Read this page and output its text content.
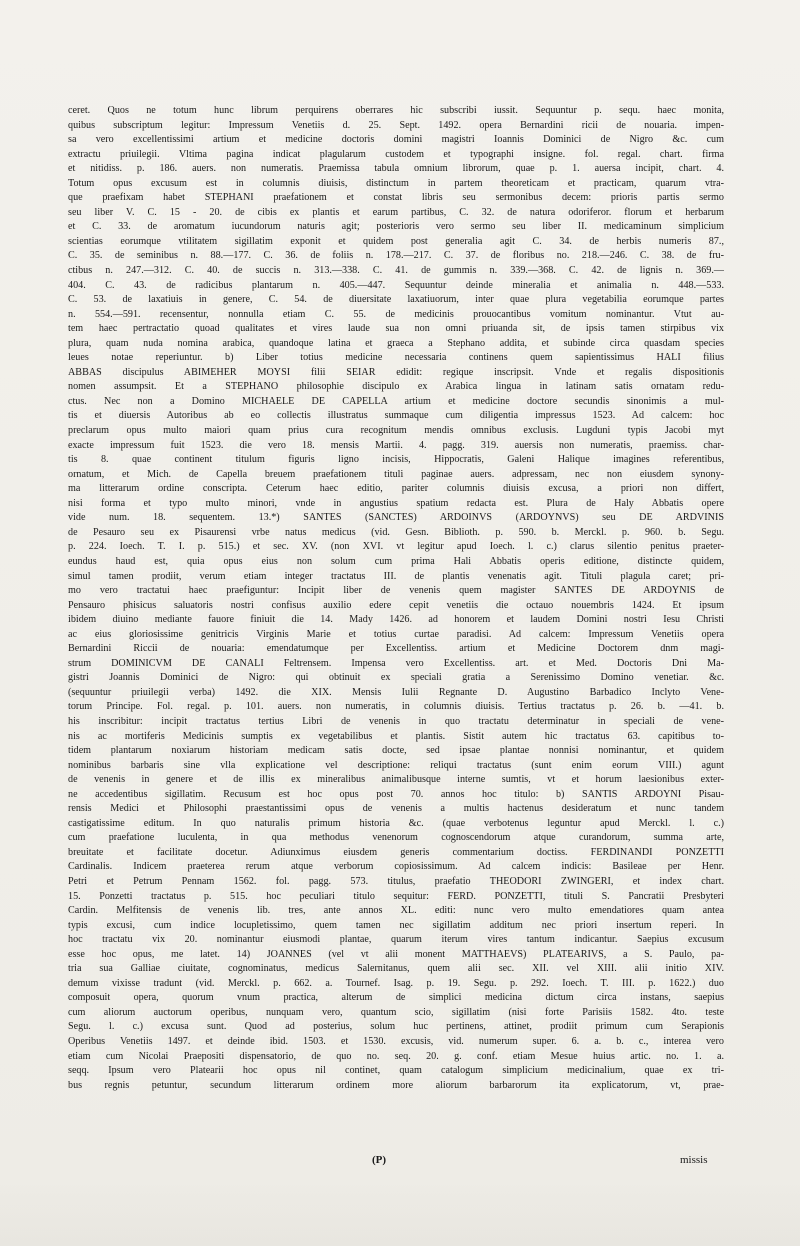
ceret. Quos ne totum hunc librum perquirens oberrares hic subscribi iussit. Sequuntur p. sequ. haec monita,
quibus subscriptum legitur: Impressum Venetiis d. 25. Sept. 1492. opera Bernardini ricii de nouaria. impen-
sa vero excellentissimi artium et medicine doctoris domini magistri Ioannis Dominici de Nigro &c. cum
extractu priuilegii. Vltima pagina indicat plagularum custodem et typographi insigne. fol. regal. chart. firma
et nitidiss. p. 186. auers. non numeratis. Praemissa tabula omnium librorum, quae p. 1. auersa incipit, chart. 4.
Totum opus excusum est in columnis diuisis, distinctum in partem theoreticam et practicam, quarum vtra-
que praefixam habet STEPHANI praefationem et constat libris seu sermonibus decem: prioris partis sermo
seu liber V. C. 15 - 20. de cibis ex plantis et earum partibus, C. 32. de natura odoriferor. florum et herbarum
et C. 33. de aromatum iucundorum naturis agit; posterioris vero sermo seu liber II. medicaminum simplicium
scientias eorumque vtilitatem sigillatim exponit et quidem post generalia agit C. 34. de herbis numeris 87.,
C. 35. de seminibus n. 88.—177. C. 36. de foliis n. 178.—217. C. 37. de floribus no. 218.—246. C. 38. de fru-
ctibus n. 247.—312. C. 40. de succis n. 313.—338. C. 41. de gummis n. 339.—368. C. 42. de lignis n. 369.—
404. C. 43. de radicibus plantarum n. 405.—447. Sequuntur deinde mineralia et animalia n. 448.—533.
C. 53. de laxatiuis in genere, C. 54. de diuersitate laxatiuorum, inter quae plura vegetabilia eorumque partes
n. 554.—591. recensentur, nonnulla etiam C. 55. de medicinis prouocantibus vomitum nominantur. Vtut au-
tem haec pertractatio quoad qualitates et vires laude sua non omni priuanda sit, de ipsis tamen stirpibus vix
plura, quam nuda nomina arabica, quandoque latina et graeca a Stephano addita, et subinde circa quasdam species
leues notae reperiuntur. b) Liber totius medicine necessaria continens quem sapientissimus HALI filius
ABBAS discipulus ABIMEHER MOYSI filii SEIAR edidit: regique inscripsit. Vnde et regalis dispositionis
nomen assumpsit. Et a STEPHANO philosophie discipulo ex Arabica lingua in latinam satis ornatam redu-
ctus. Nec non a Domino MICHAELE DE CAPELLA artium et medicine doctore secundis sinonimis a mul-
tis et diuersis Autoribus ab eo collectis illustratus summaque cum diligentia impressus 1523. Ad calcem: hoc
preclarum opus multo maiori quam prius cura recognitum mendis omnibus exclusis. Lugduni typis Jacobi myt
exacte impressum fuit 1523. die vero 18. mensis Martii. 4. pagg. 319. auersis non numeratis, praemiss. char-
tis 8. quae continent titulum figuris ligno incisis, Hippocratis, Galeni Halique imagines referentibus,
ornatum, et Mich. de Capella breuem praefationem tituli paginae auers. adpressam, nec non eiusdem synony-
ma litterarum ordine conscripta. Ceterum haec editio, pariter columnis diuisis excusa, a priori non differt,
nisi forma et typo multo minori, vnde in angustius spatium redacta est. Plura de Haly Abbatis opere
vide num. 18. sequentem. 13.*) SANTES (SANCTES) ARDOINVS (ARDOYNVS) seu DE ARDVINIS
de Pesauro seu ex Pisaurensi vrbe natus medicus (vid. Gesn. Biblioth. p. 590. b. Merckl. p. 960. b. Segu.
p. 224. Ioech. T. I. p. 515.) et sec. XV. (non XVI. vt legitur apud Ioech. l. c.) clarus silentio penitus praeter-
eundus haud est, quia opus eius non solum cum prima Hali Abbatis operis editione, distincte quidem,
simul tamen prodiit, verum etiam integer tractatus III. de plantis venenatis agit. Tituli plagula caret; pri-
mo vero tractatui haec praefiguntur: Incipit liber de venenis quem magister SANTES DE ARDOYNIS de
Pensauro phisicus saluatoris nostri confisus auxilio edere cepit venetiis die octauo nouembris 1424. Et ipsum
ibidem diuino mediante fauore finiuit die 14. Mady 1426. ad honorem et laudem Domini nostri Iesu Christi
ac eius gloriosissime genitricis Virginis Marie et totius curtae paradisi. Ad calcem: Impressum Venetiis opera
Bernardini Riccii de nouaria: emendatumque per Excellentiss. artium et Medicine Doctorem dnm magi-
strum DOMINICVM DE CANALI Feltrensem. Impensa vero Excellentiss. art. et Med. Doctoris Dni Ma-
gistri Joannis Dominici de Nigro: qui obtinuit ex speciali gratia a Serenissimo Domino venetiar. &c.
(sequuntur priuilegii verba) 1492. die XIX. Mensis Iulii Regnante D. Augustino Barbadico Inclyto Vene-
torum Principe. Fol. regal. p. 101. auers. non numeratis, in columnis diuisis. Tertius tractatus p. 26. b. —41. b.
his inscribitur: incipit tractatus tertius Libri de venenis in quo tractatu determinatur in speciali de vene-
nis ac mortiferis Medicinis sumptis ex vegetabilibus et plantis. Sistit autem hic tractatus 63. capitibus to-
tidem plantarum noxiarum historiam medicam satis docte, sed ipsae plantae nonnisi nominantur, et quidem
nominibus barbaris sine vlla explicatione vel descriptione: reliqui tractatus (sunt enim eorum VIII.) agunt
de venenis in genere et de illis ex mineralibus animalibusque interne sumtis, vt et horum laesionibus exter-
ne accedentibus sigillatim. Recusum est hoc opus post 70. annos hoc titulo: b) SANTIS ARDOYNI Pisau-
rensis Medici et Philosophi praestantissimi opus de venenis a multis hactenus desideratum et nunc tandem
castigatissime editum. In quo naturalis primum historia &c. (quae verbotenus leguntur apud Merckl. l. c.)
cum praefatione luculenta, in qua methodus venenorum cognoscendorum atque curandorum, summa arte,
breuitate et facilitate docetur. Adiunximus eiusdem generis commentarium doctiss. FERDINANDI PONZETTI
Cardinalis. Indicem praeterea rerum atque verborum copiosissimum. Ad calcem indicis: Basileae per Henr.
Petri et Petrum Pennam 1562. fol. pagg. 573. titulus, praefatio THEODORI ZWINGERI, et index chart.
15. Ponzetti tractatus p. 515. hoc peculiari titulo sequitur: FERD. PONZETTI, tituli S. Pancratii Presbyteri
Cardin. Melfitensis de venenis lib. tres, ante annos XL. editi: nunc vero multo emendatiores quam antea
typis excusi, cum indice locupletissimo, quem tamen nec sigillatim additum nec priori insertum reperi. In
hoc tractatu vix 20. nominantur eiusmodi plantae, quarum iterum vires tantum indicantur. Saepius excusum
esse hoc opus, me latet. 14) JOANNES (vel vt alii monent MATTHAEVS) PLATEARIVS, a S. Paulo, pa-
tria sua Galliae ciuitate, cognominatus, medicus Salernitanus, quem alii sec. XII. vel XIII. alii initio XIV.
demum vixisse tradunt (vid. Merckl. p. 662. a. Tournef. Isag. p. 19. Segu. p. 292. Ioech. T. III. p. 1622.) duo
composuit opera, quorum vnum practica, alterum de simplici medicina dictum circa instans, saepius
cum aliorum auctorum operibus, nunquam vero, quantum scio, sigillatim (nisi forte Parisiis 1582. 4to. teste
Segu. l. c.) excusa sunt. Quod ad posterius, solum huc pertinens, attinet, prodiit primum cum Serapionis
Operibus Venetiis 1497. et deinde ibid. 1503. et 1530. excusis, vid. numerum super. 6. a. b. c., interea vero
etiam cum Nicolai Praepositi dispensatorio, de quo no. seq. 20. g. conf. etiam Mesue huius artic. no. 1. a.
seqq. Ipsum vero Platearii hoc opus nil continet, quam catalogum simplicium medicinalium, quae ex tri-
bus regnis petuntur, secundum litterarum ordinem more aliorum barbarorum ita explicatorum, vt, prae-
(P)	missis
